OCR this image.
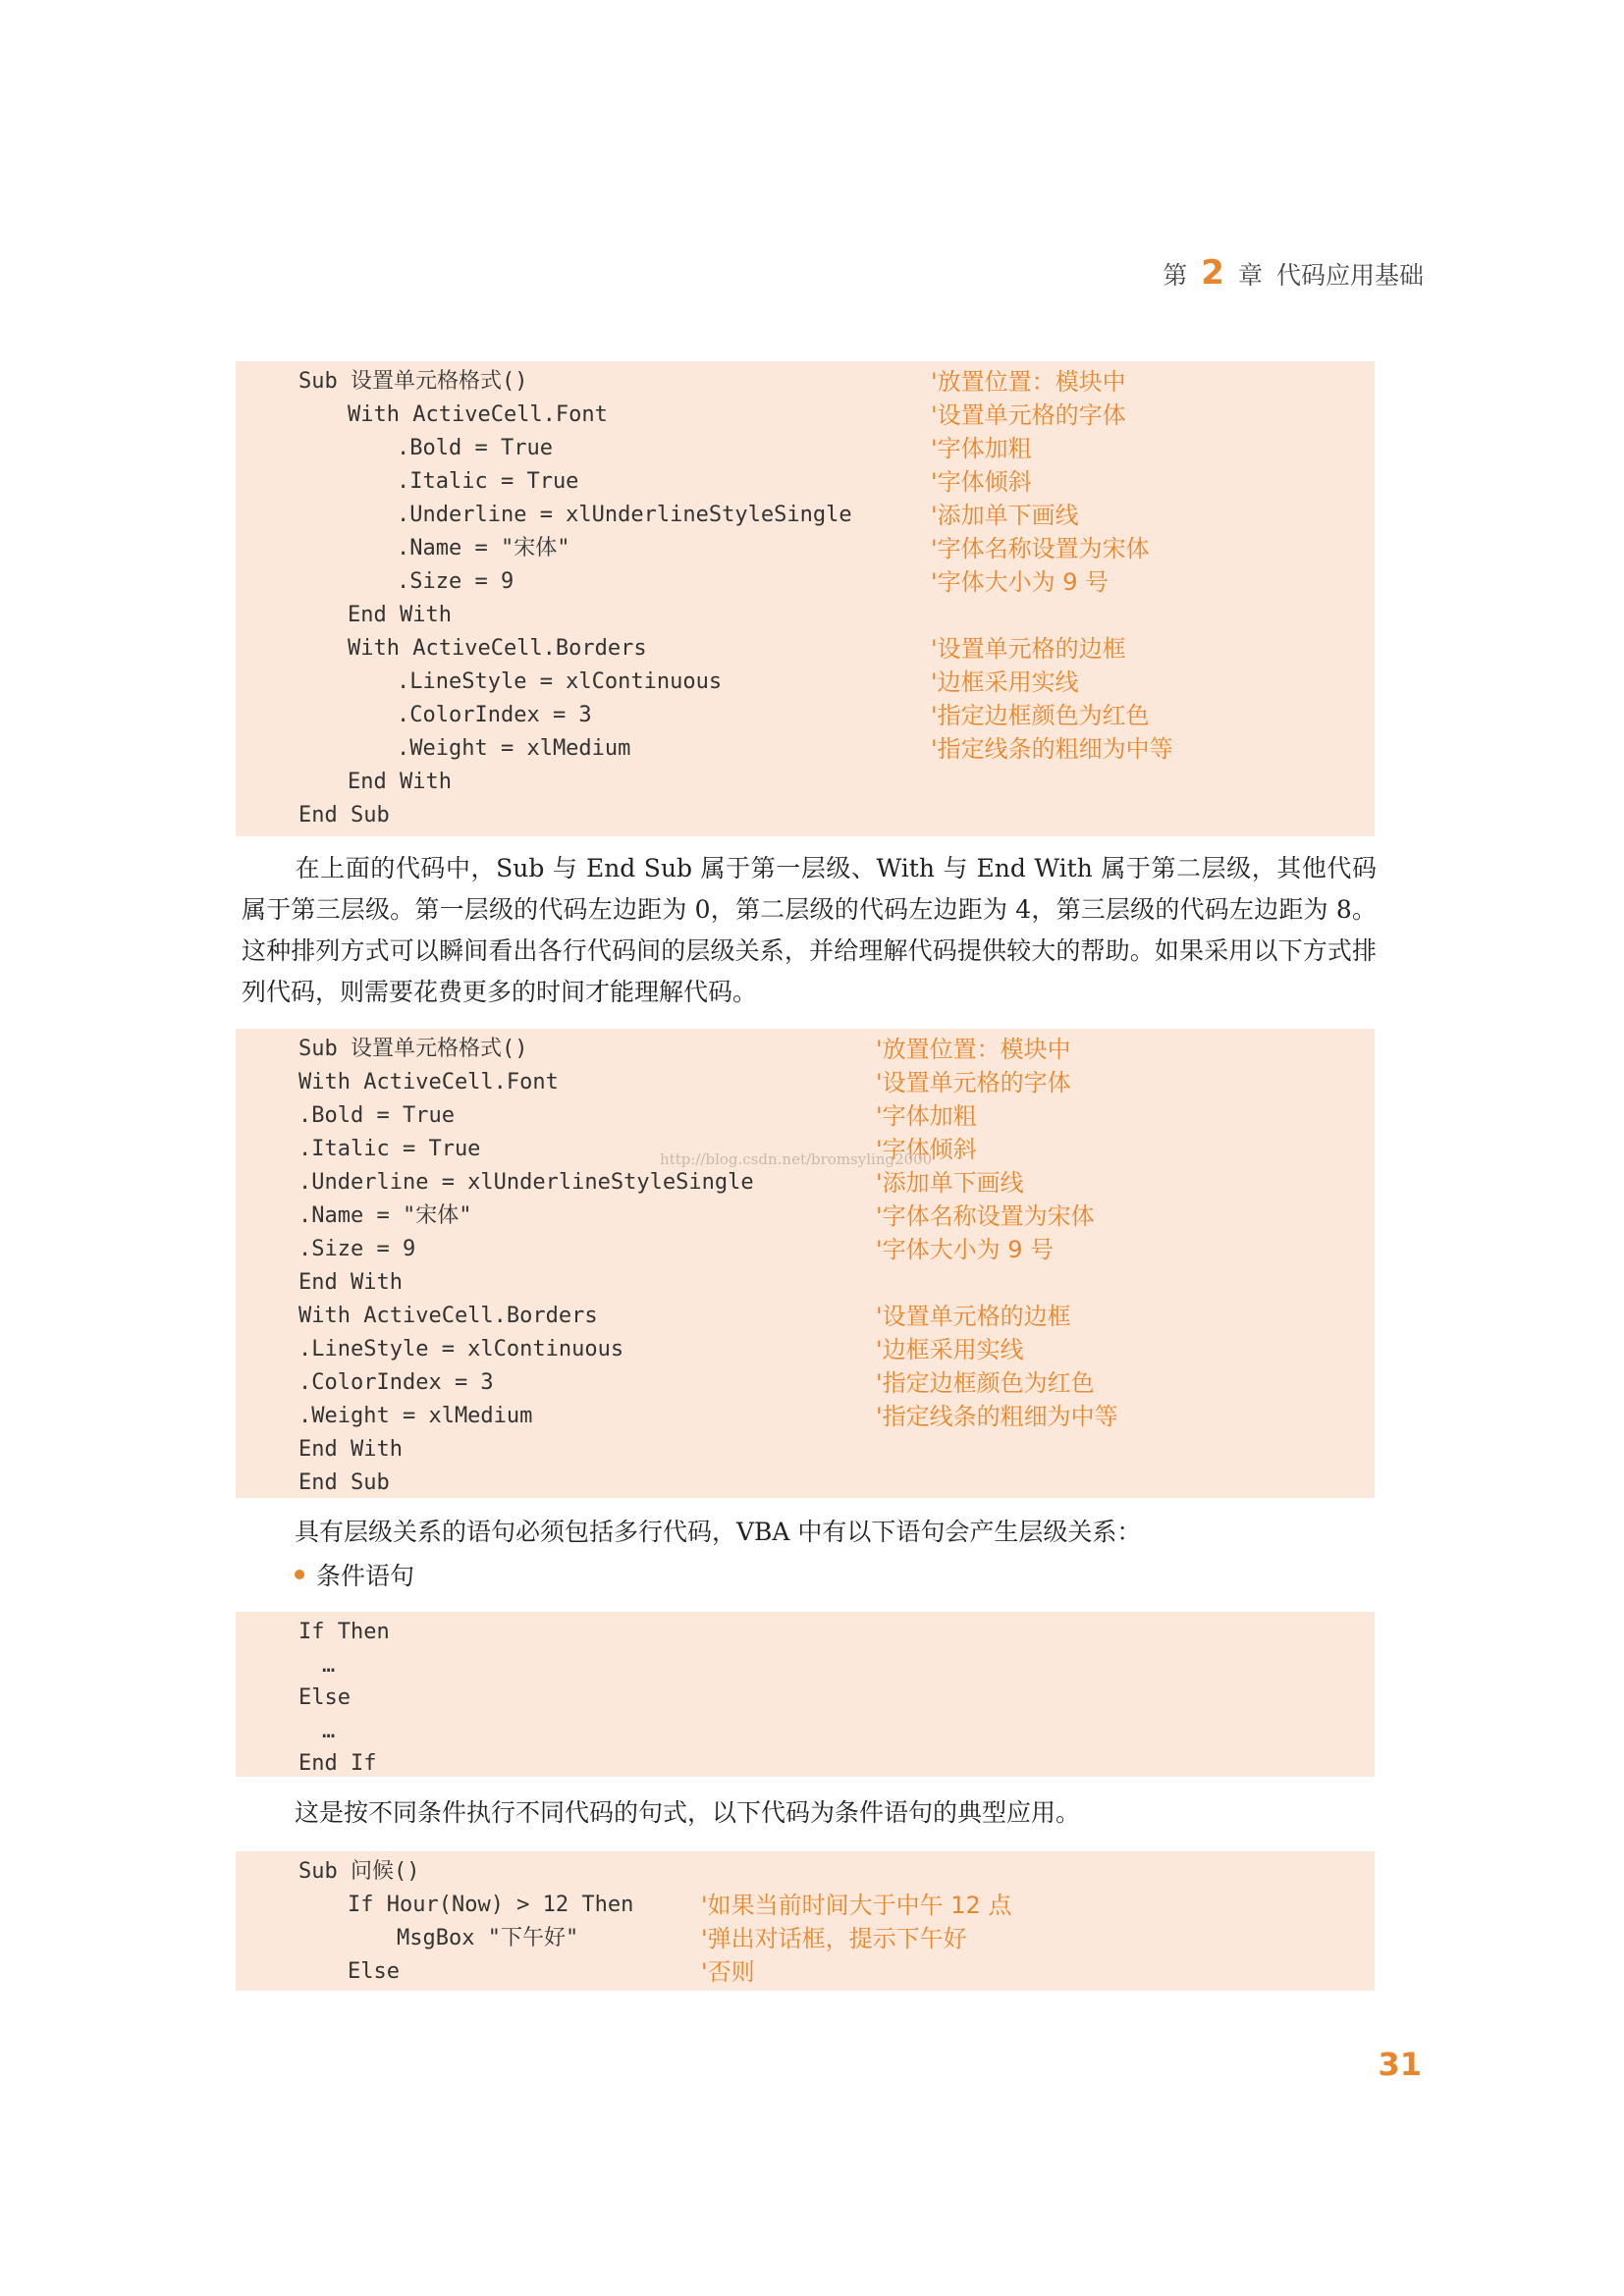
第 2 章 代码应用基础
Sub 设置单元格格式()	'放置位置：模块中
With ActiveCell.Font	'设置单元格的字体
.Bold = True	'字体加粗
.Italic = True	'字体倾斜
.Underline = xlUnderlineStyleSingle	'添加单下画线
.Name = "宋体"	'字体名称设置为宋体
.Size = 9	'字体大小为 9 号
End With
With ActiveCell.Borders	'设置单元格的边框
.LineStyle = xlContinuous	'边框采用实线
.ColorIndex = 3	'指定边框颜色为红色
.Weight = xlMedium	'指定线条的粗细为中等
End With
End Sub
在上面的代码中，Sub 与 End Sub 属于第一层级、With 与 End With 属于第二层级，其他代码属于第三层级。第一层级的代码左边距为 0，第二层级的代码左边距为 4，第三层级的代码左边距为 8。这种排列方式可以瞬间看出各行代码间的层级关系，并给理解代码提供较大的帮助。如果采用以下方式排列代码，则需要花费更多的时间才能理解代码。
Sub 设置单元格格式()	'放置位置：模块中
With ActiveCell.Font	'设置单元格的字体
.Bold = True	'字体加粗
.Italic = True	'字体倾斜
.Underline = xlUnderlineStyleSingle	'添加单下画线
.Name = "宋体"	'字体名称设置为宋体
.Size = 9	'字体大小为 9 号
End With
With ActiveCell.Borders	'设置单元格的边框
.LineStyle = xlContinuous	'边框采用实线
.ColorIndex = 3	'指定边框颜色为红色
.Weight = xlMedium	'指定线条的粗细为中等
End With
End Sub
http://blog.csdn.net/bromsyling2000
具有层级关系的语句必须包括多行代码，VBA 中有以下语句会产生层级关系：
条件语句
If Then
…
Else
…
End If
这是按不同条件执行不同代码的句式，以下代码为条件语句的典型应用。
Sub 问候()
If Hour(Now) > 12 Then	'如果当前时间大于中午 12 点
MsgBox "下午好"	'弹出对话框，提示下午好
Else	'否则
31
